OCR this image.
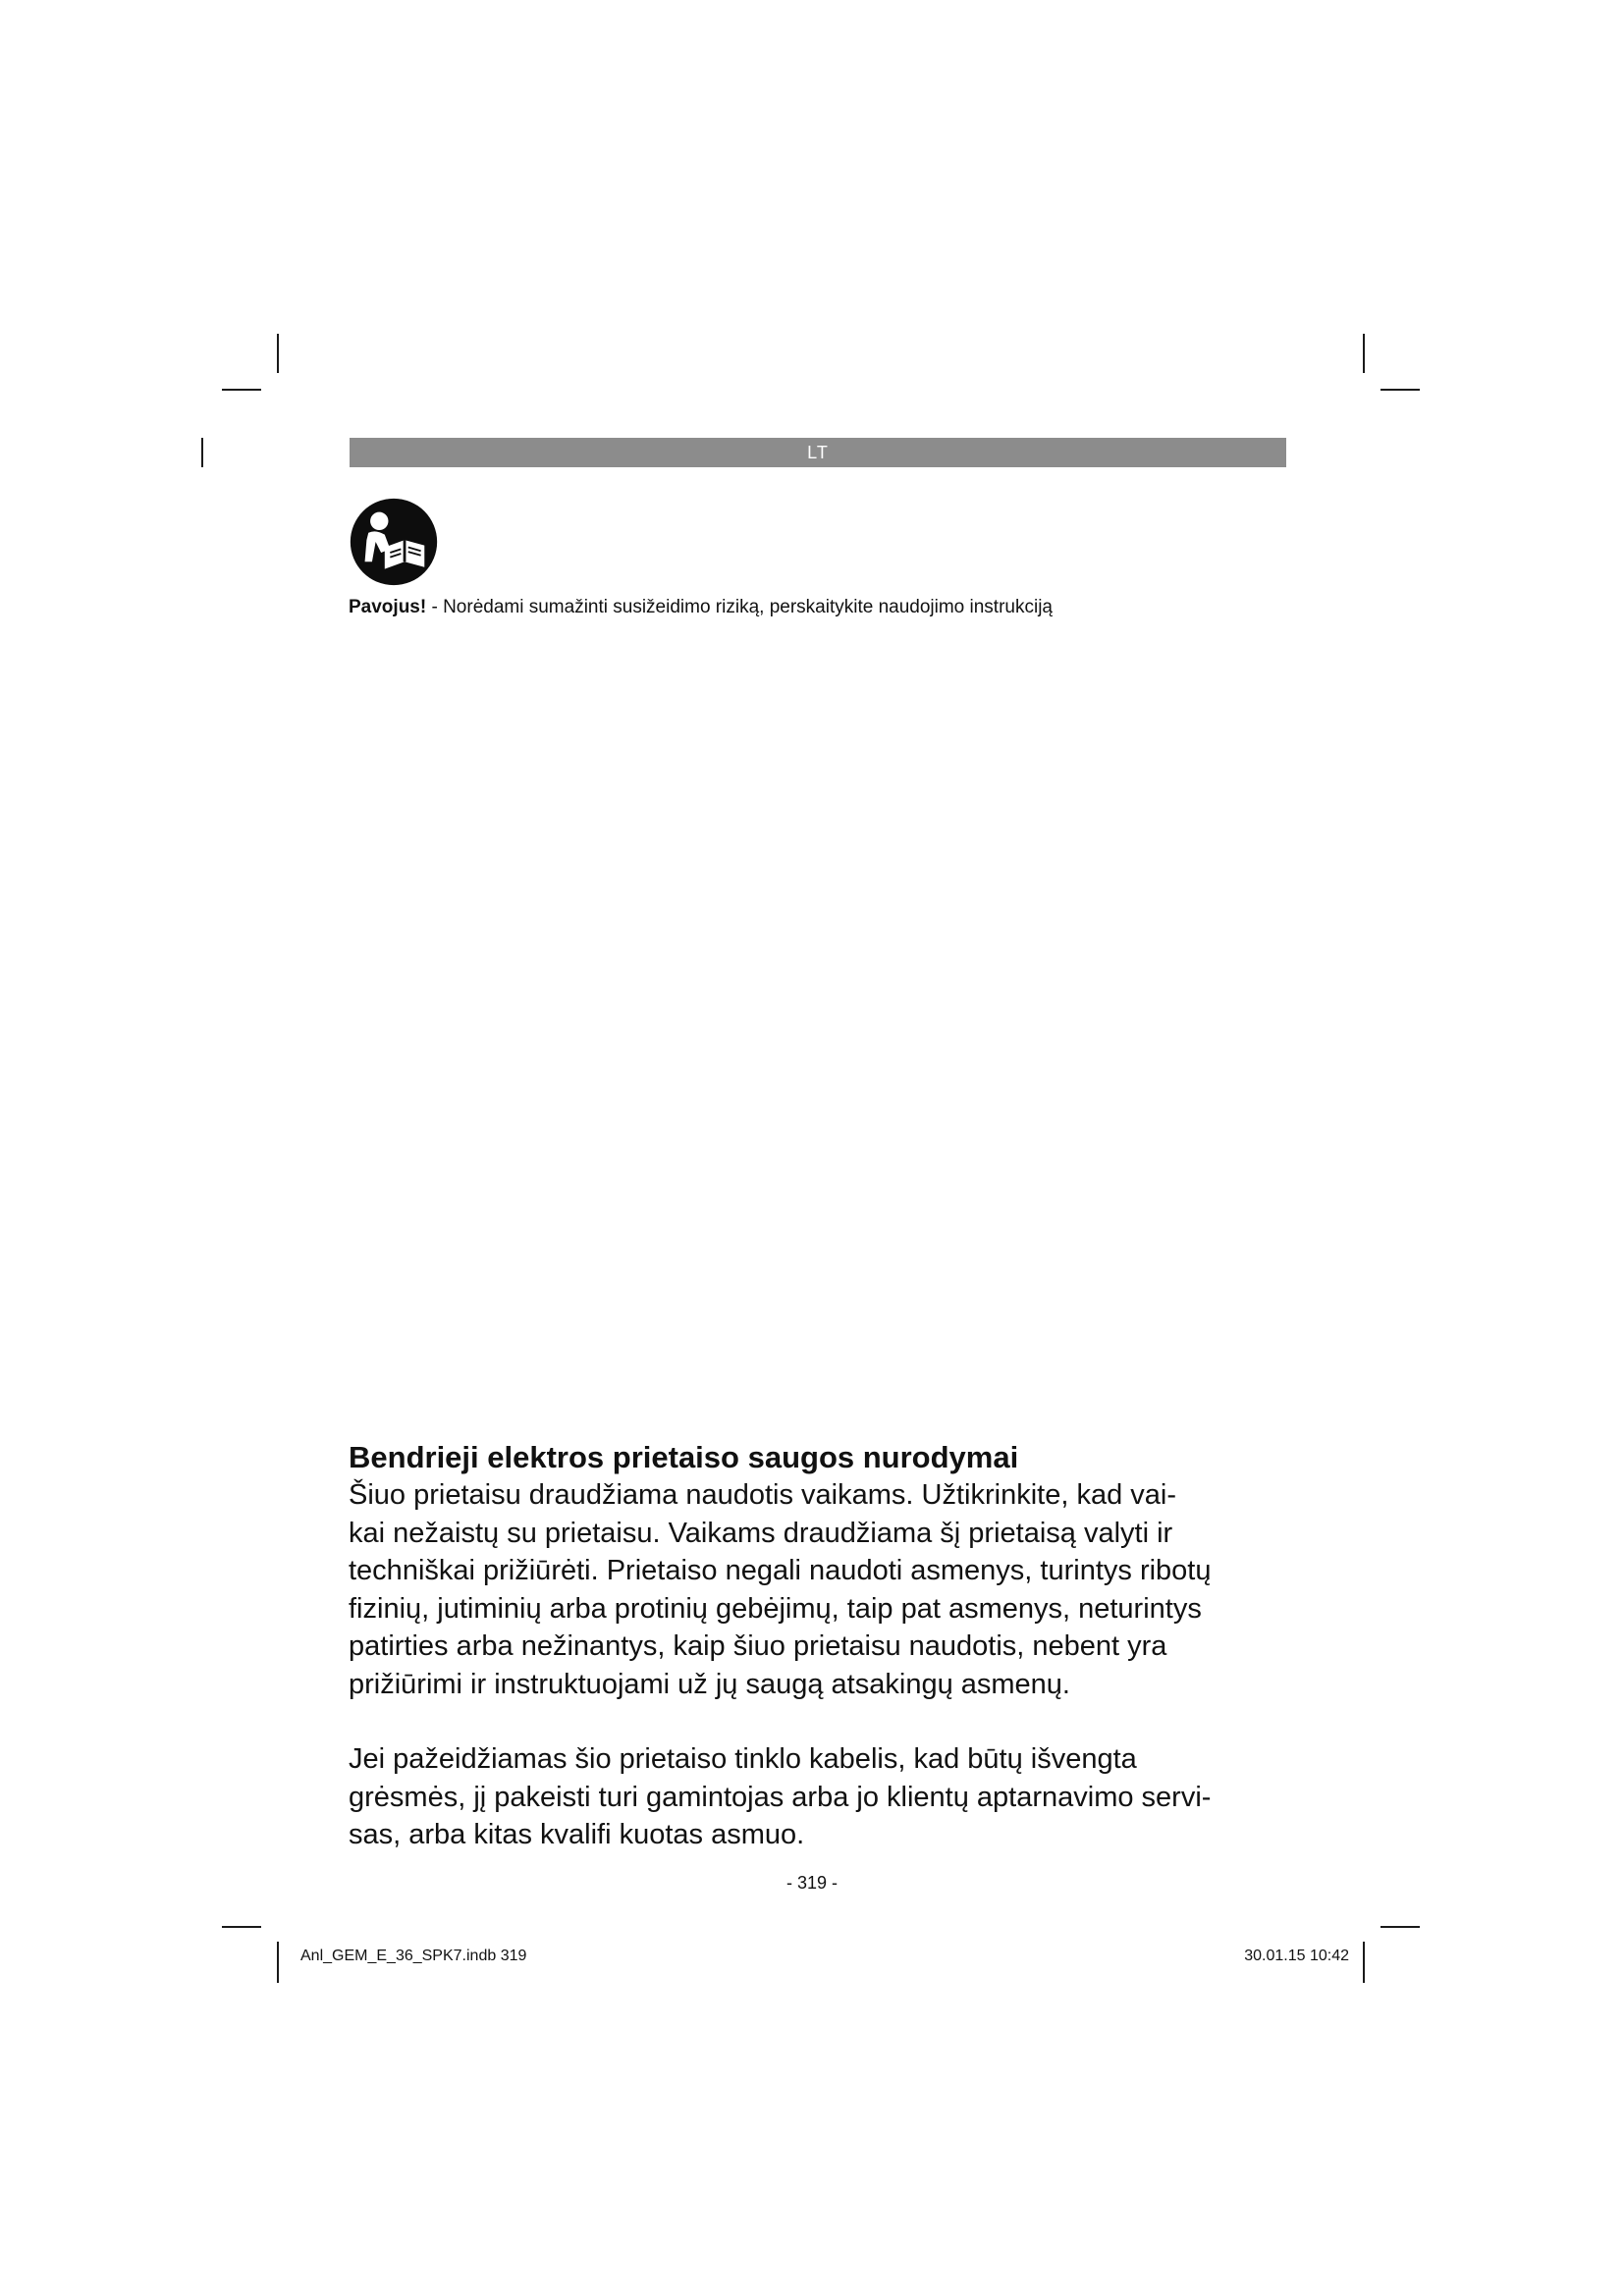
LT
Pavojus! - Norėdami sumažinti susižeidimo riziką, perskaitykite naudojimo instrukciją
Bendrieji elektros prietaiso saugos nurodymai

Šiuo prietaisu draudžiama naudotis vaikams. Užtikrinkite, kad vai-
kai nežaistų su prietaisu. Vaikams draudžiama šį prietaisą valyti ir
techniškai prižiūrėti. Prietaiso negali naudoti asmenys, turintys ribotų
fizinių, jutiminių arba protinių gebėjimų, taip pat asmenys, neturintys
patirties arba nežinantys, kaip šiuo prietaisu naudotis, nebent yra
prižiūrimi ir instruktuojami už jų saugą atsakingų asmenų.

Jei pažeidžiamas šio prietaiso tinklo kabelis, kad būtų išvengta
grėsmės, jį pakeisti turi gamintojas arba jo klientų aptarnavimo servi-
sas, arba kitas kvalifi kuotas asmuo.

- 319 -
Anl_GEM_E_36_SPK7.indb 319	30.01.15 10:42
